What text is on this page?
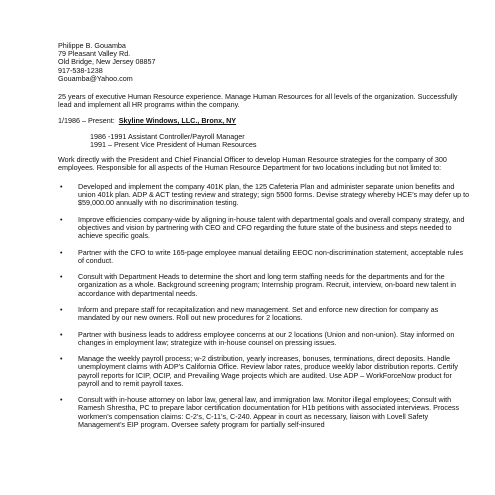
Philippe B. Gouamba
79 Pleasant Valley Rd.
Old Bridge, New Jersey 08857
917-538-1238
Gouamba@Yahoo.com
25 years of executive Human Resource experience. Manage Human Resources for all levels of the organization. Successfully lead and implement all HR programs within the company.
1/1986 – Present: Skyline Windows, LLC., Bronx, NY
1986 -1991 Assistant Controller/Payroll Manager
1991 – Present Vice President of Human Resources
Work directly with the President and Chief Financial Officer to develop Human Resource strategies for the company of 300 employees. Responsible for all aspects of the Human Resource Department for two locations including but not limited to:
• Developed and implement the company 401K plan, the 125 Cafeteria Plan and administer separate union benefits and union 401k plan. ADP & ACT testing review and strategy; sign 5500 forms. Devise strategy whereby HCE’s may defer up to $59,000.00 annually with no discrimination testing.
• Improve efficiencies company-wide by aligning in-house talent with departmental goals and overall company strategy, and objectives and vision by partnering with CEO and CFO regarding the future state of the business and steps needed to achieve specific goals.
• Partner with the CFO to write 165-page employee manual detailing EEOC non-discrimination statement, acceptable rules of conduct.
• Consult with Department Heads to determine the short and long term staffing needs for the departments and for the organization as a whole. Background screening program; Internship program. Recruit, interview, on-board new talent in accordance with departmental needs.
• Inform and prepare staff for recapitalization and new management. Set and enforce new direction for company as mandated by our new owners. Roll out new procedures for 2 locations.
• Partner with business leads to address employee concerns at our 2 locations (Union and non-union). Stay informed on changes in employment law; strategize with in-house counsel on pressing issues.
• Manage the weekly payroll process; w-2 distribution, yearly increases, bonuses, terminations, direct deposits. Handle unemployment claims with ADP’s California Office. Review labor rates, produce weekly labor distribution reports. Certify payroll reports for ICIP, OCIP, and Prevailing Wage projects which are audited. Use ADP – WorkForceNow product for payroll and to remit payroll taxes.
• Consult with in-house attorney on labor law, general law, and immigration law. Monitor illegal employees; Consult with Ramesh Shrestha, PC to prepare labor certification documentation for H1b petitions with associated interviews. Process workmen’s compensation claims: C-2’s, C-11’s, C-240. Appear in court as necessary, liaison with Lovell Safety Management’s EIP program. Oversee safety program for partially self-insured
